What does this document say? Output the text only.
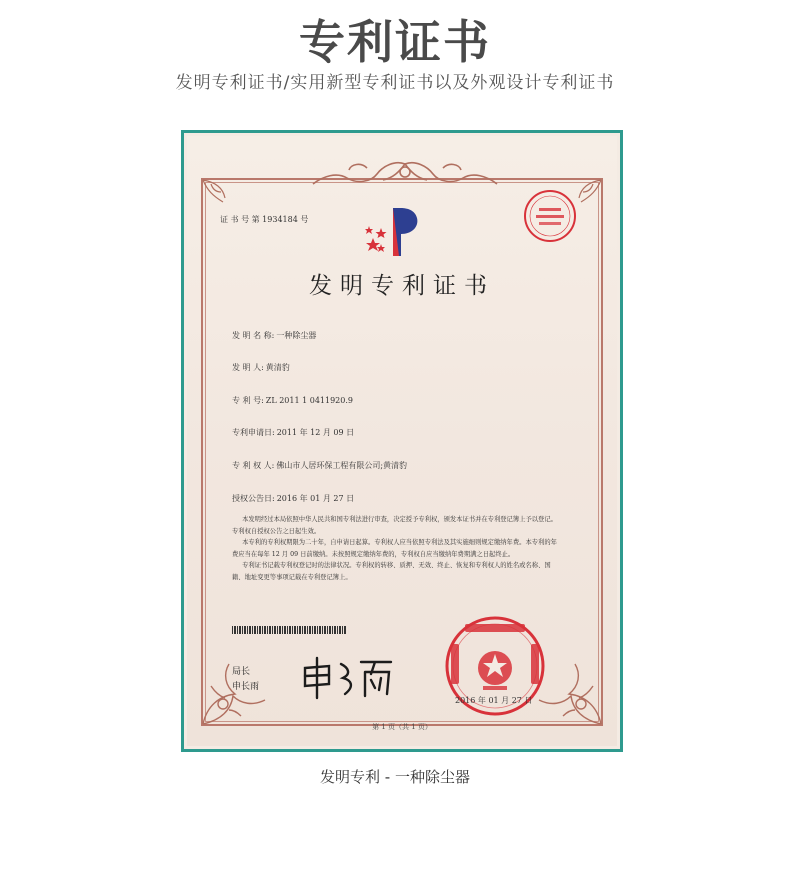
专利证书
发明专利证书/实用新型专利证书以及外观设计专利证书
证 书 号 第 1934184 号
发明专利证书
发 明 名 称: 一种除尘器
发 明 人: 黄清豹
专 利 号: ZL 2011 1 0411920.9
专利申请日: 2011 年 12 月 09 日
专 利 权 人: 佛山市人居环保工程有限公司;黄清豹
授权公告日: 2016 年 01 月 27 日

本发明经过本局依照中华人民共和国专利法进行审查，决定授予专利权，颁发本证书并在专利登记簿上予以登记。专利权自授权公告之日起生效。

本专利的专利权期限为二十年，自申请日起算。专利权人应当依照专利法及其实施细则规定缴纳年费。本专利的年费应当在每年 12 月 09 日前缴纳。未按照规定缴纳年费的，专利权自应当缴纳年费期满之日起终止。

专利证书记载专利权登记时的法律状况。专利权的转移、质押、无效、终止、恢复和专利权人的姓名或名称、国籍、地址变更等事项记载在专利登记簿上。

局长
申长雨
2016 年 01 月 27 日
第 1 页（共 1 页）
发明专利 - 一种除尘器
